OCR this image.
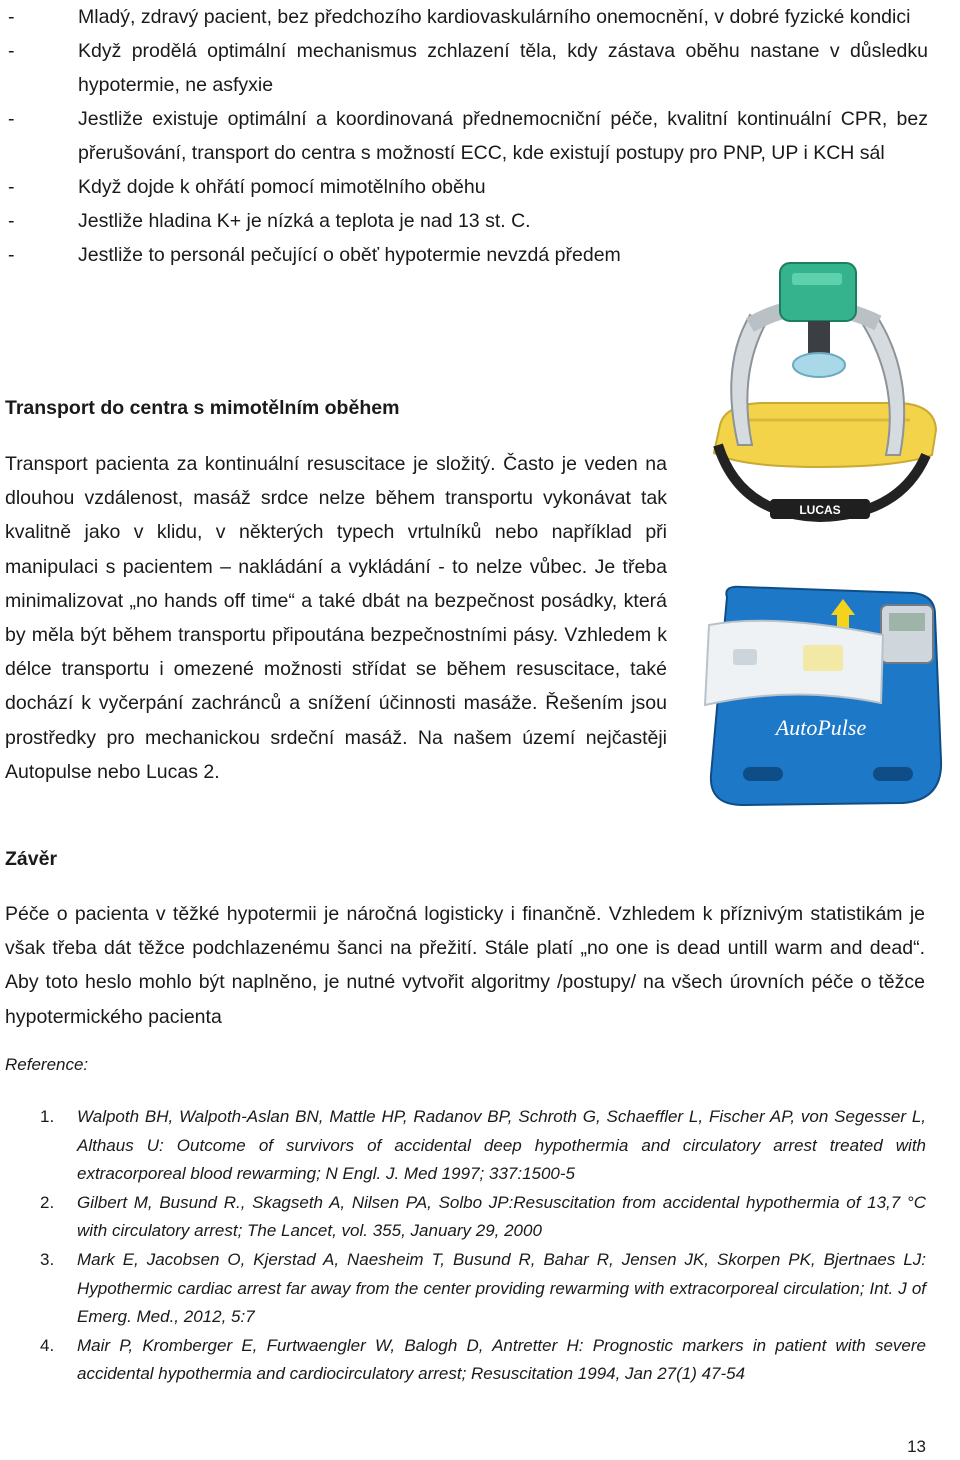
-	Mladý, zdravý pacient, bez předchozího kardiovaskulárního onemocnění, v dobré fyzické kondici
-	Když prodělá optimální mechanismus zchlazení těla, kdy zástava oběhu nastane v důsledku hypotermie, ne asfyxie
-	Jestliže existuje optimální a koordinovaná přednemocniční péče, kvalitní kontinuální CPR, bez přerušování, transport do centra s možností ECC, kde existují postupy pro PNP, UP i KCH sál
-	Když dojde k ohřátí pomocí mimotělního oběhu
-	Jestliže hladina K+ je nízká a teplota je nad 13 st. C.
-	Jestliže to personál pečující o oběť hypotermie nevzdá předem
Transport do centra s mimotělním oběhem

Transport pacienta za kontinuální resuscitace je složitý. Často je veden na dlouhou vzdálenost, masáž srdce nelze během transportu vykonávat tak kvalitně jako v klidu, v některých typech vrtulníků nebo například při manipulaci s pacientem – nakládání a vykládání - to nelze vůbec. Je třeba minimalizovat „no hands off time“ a také dbát na bezpečnost posádky, která by měla být během transportu připoutána bezpečnostními pásy. Vzhledem k délce transportu i omezené možnosti střídat se během resuscitace, také dochází k vyčerpání zachránců a snížení účinnosti masáže. Řešením jsou prostředky pro mechanickou srdeční masáž. Na našem území nejčastěji Autopulse nebo Lucas 2.

LUCAS
AutoPulse
Závěr

Péče o pacienta v těžké hypotermii je náročná logisticky i finančně. Vzhledem k příznivým statistikám je však třeba dát těžce podchlazenému šanci na přežití. Stále platí „no one is dead untill warm and dead“. Aby toto heslo mohlo být naplněno, je nutné vytvořit algoritmy /postupy/ na všech úrovních péče o těžce hypotermického pacienta

Reference:
1. Walpoth BH, Walpoth-Aslan BN, Mattle HP, Radanov BP, Schroth G, Schaeffler L, Fischer AP, von Segesser L, Althaus U: Outcome of survivors of accidental deep hypothermia and circulatory arrest treated with extracorporeal blood rewarming; N Engl. J. Med 1997; 337:1500-5
2. Gilbert M, Busund R., Skagseth A, Nilsen PA, Solbo JP:Resuscitation from accidental hypothermia of 13,7 °C with circulatory arrest; The Lancet, vol. 355, January 29, 2000
3. Mark E, Jacobsen O, Kjerstad A, Naesheim T, Busund R, Bahar R, Jensen JK, Skorpen PK, Bjertnaes LJ: Hypothermic cardiac arrest far away from the center providing rewarming with extracorporeal circulation; Int. J of Emerg. Med., 2012, 5:7
4. Mair P, Kromberger E, Furtwaengler W, Balogh D, Antretter H: Prognostic markers in patient with severe accidental hypothermia and cardiocirculatory arrest; Resuscitation 1994, Jan 27(1) 47-54
13
